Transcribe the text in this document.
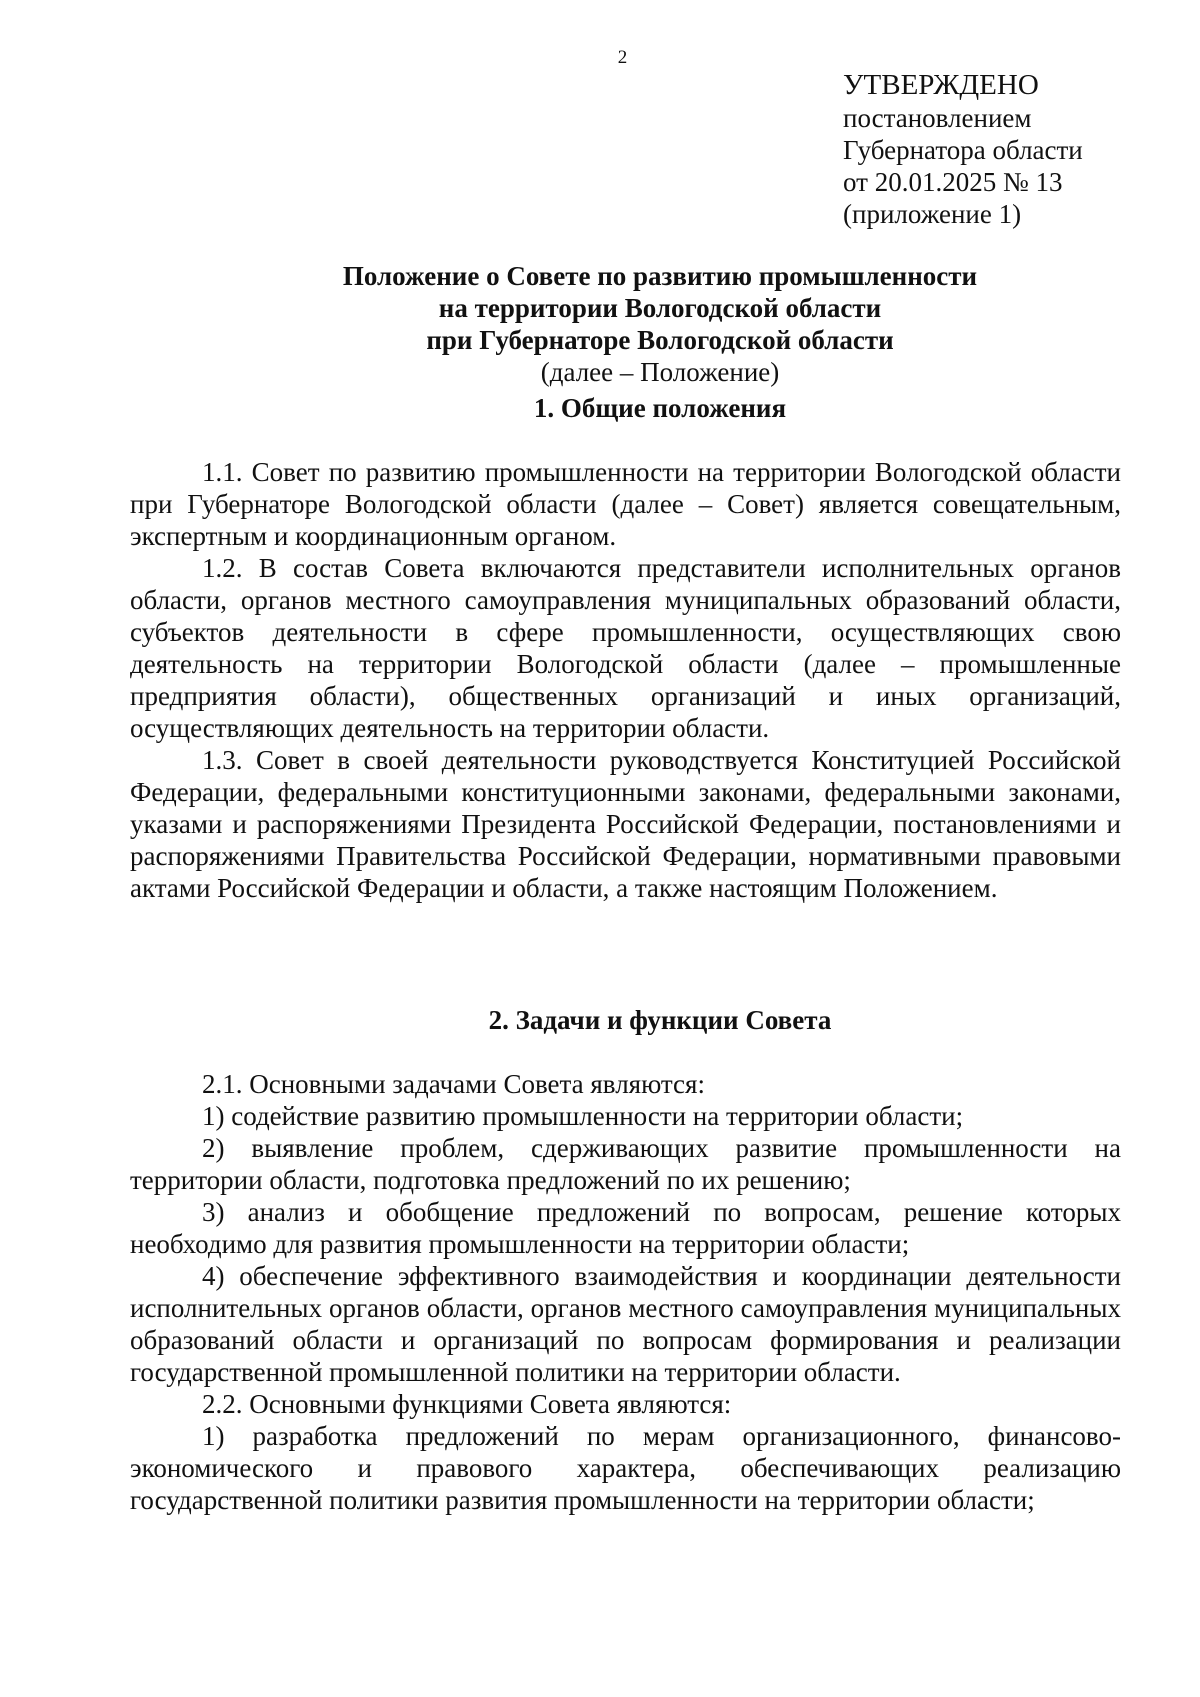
2
УТВЕРЖДЕНО
постановлением
Губернатора области
от 20.01.2025 № 13
(приложение 1)
Положение о Совете по развитию промышленности
на территории Вологодской области
при Губернаторе Вологодской области
(далее – Положение)
1. Общие положения

1.1. Совет по развитию промышленности на территории Вологодской области при Губернаторе Вологодской области (далее – Совет) является совещательным, экспертным и координационным органом.

1.2. В состав Совета включаются представители исполнительных органов области, органов местного самоуправления муниципальных образований области, субъектов деятельности в сфере промышленности, осуществляющих свою деятельность на территории Вологодской области (далее – промышленные предприятия области), общественных организаций и иных организаций, осуществляющих деятельность на территории области.

1.3. Совет в своей деятельности руководствуется Конституцией Российской Федерации, федеральными конституционными законами, федеральными законами, указами и распоряжениями Президента Российской Федерации, постановлениями и распоряжениями Правительства Российской Федерации, нормативными правовыми актами Российской Федерации и области, а также настоящим Положением.

2. Задачи и функции Совета

2.1. Основными задачами Совета являются:

1) содействие развитию промышленности на территории области;

2) выявление проблем, сдерживающих развитие промышленности на территории области, подготовка предложений по их решению;

3) анализ и обобщение предложений по вопросам, решение которых необходимо для развития промышленности на территории области;

4) обеспечение эффективного взаимодействия и координации деятельности исполнительных органов области, органов местного самоуправления муниципальных образований области и организаций по вопросам формирования и реализации государственной промышленной политики на территории области.

2.2. Основными функциями Совета являются:

1) разработка предложений по мерам организационного, финансово-экономического и правового характера, обеспечивающих реализацию государственной политики развития промышленности на территории области;
